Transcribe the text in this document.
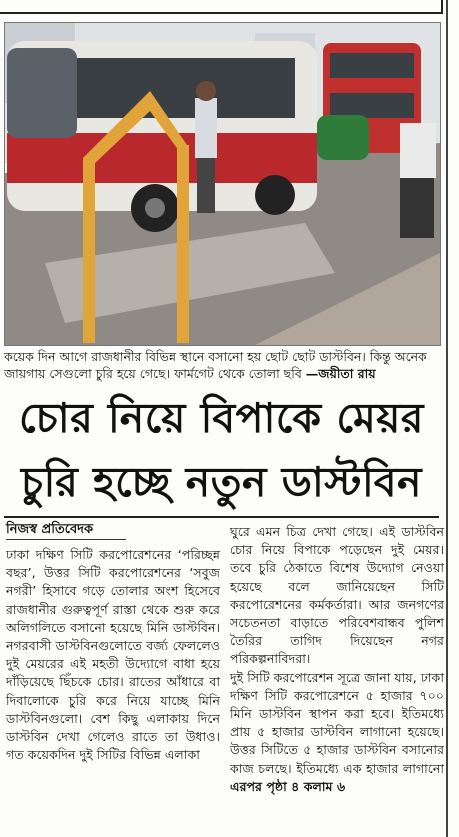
কয়েক দিন আগে রাজধানীর বিভিন্ন স্থানে বসানো হয় ছোট ছোট ডাস্টবিন। কিন্তু অনেক জায়গায় সেগুলো চুরি হয়ে গেছে। ফার্মগেট থেকে তোলা ছবি —জয়ীতা রায়
চোর নিয়ে বিপাকে মেয়র
চুরি হচ্ছে নতুন ডাস্টবিন
নিজস্ব প্রতিবেদক

ঢাকা দক্ষিণ সিটি করপোরেশনের ‘পরিচ্ছন্ন বছর’, উত্তর সিটি করপোরেশনের ‘সবুজ নগরী’ হিসাবে গড়ে তোলার অংশ হিসেবে রাজধানীর গুরুত্বপূর্ণ রাস্তা থেকে শুরু করে অলিগলিতে বসানো হয়েছে মিনি ডাস্টবিন। নগরবাসী ডাস্টবিনগুলোতে বর্জ্য ফেললেও দুই মেয়রের এই মহতী উদ্যোগে বাধা হয়ে দাঁড়িয়েছে ছিঁচকে চোর। রাতের আঁধারে বা দিবালোকে চুরি করে নিয়ে যাচ্ছে মিনি ডাস্টবিনগুলো। বেশ কিছু এলাকায় দিনে ডাস্টবিন দেখা গেলেও রাতে তা উধাও। গত কয়েকদিন দুই সিটির বিভিন্ন এলাকা

ঘুরে এমন চিত্র দেখা গেছে। এই ডাস্টবিন চোর নিয়ে বিপাকে পড়েছেন দুই মেয়র। তবে চুরি ঠেকাতে বিশেষ উদ্যোগ নেওয়া হয়েছে বলে জানিয়েছেন সিটি করপোরেশনের কর্মকর্তারা। আর জনগণের সচেতনতা বাড়াতে পরিবেশবান্ধব পুলিশ তৈরির তাগিদ দিয়েছেন নগর পরিকল্পনাবিদরা।

দুই সিটি করপোরেশন সূত্রে জানা যায়, ঢাকা দক্ষিণ সিটি করপোরেশনে ৫ হাজার ৭০০ মিনি ডাস্টবিন স্থাপন করা হবে। ইতিমধ্যে প্রায় ৫ হাজার ডাস্টবিন লাগানো হয়েছে। উত্তর সিটিতে ৫ হাজার ডাস্টবিন বসানোর কাজ চলছে। ইতিমধ্যে এক হাজার লাগানো এরপর পৃষ্ঠা ৪ কলাম ৬
